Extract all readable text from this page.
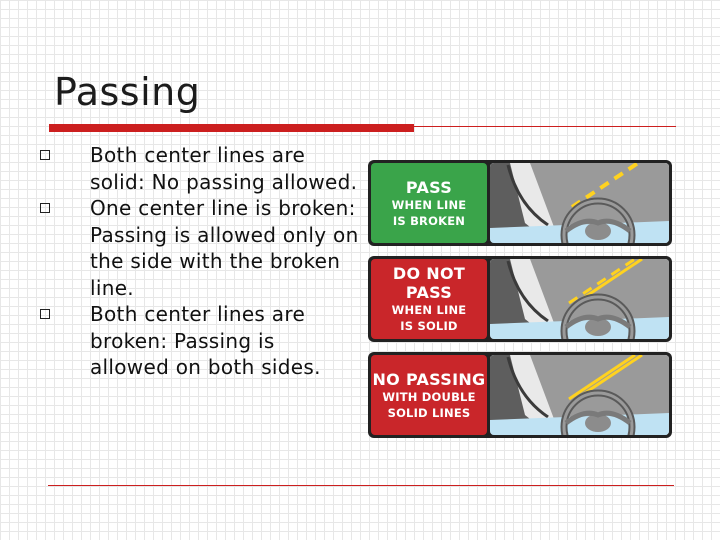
Passing
Both center lines are solid: No passing allowed.
One center line is broken: Passing is allowed only on the side with the broken line.
Both center lines are broken: Passing is allowed on both sides.
PASS
WHEN LINE
IS BROKEN
DO NOT PASS
WHEN LINE
IS SOLID
NO PASSING
WITH DOUBLE
SOLID LINES
